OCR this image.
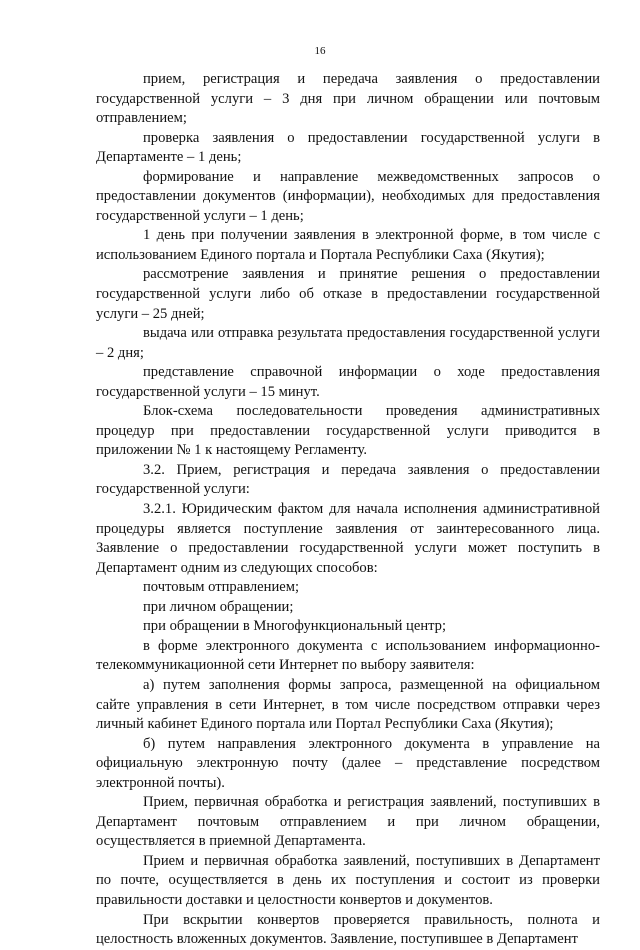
16

прием, регистрация и передача заявления о предоставлении государственной услуги – 3 дня при личном обращении или почтовым отправлением;

проверка заявления о предоставлении государственной услуги в Департаменте – 1 день;

формирование и направление межведомственных запросов о предоставлении документов (информации), необходимых для предоставления государственной услуги – 1 день;

1 день при получении заявления в электронной форме, в том числе с использованием Единого портала и Портала Республики Саха (Якутия);

рассмотрение заявления и принятие решения о предоставлении государственной услуги либо об отказе в предоставлении государственной услуги – 25 дней;

выдача или отправка результата предоставления государственной услуги – 2 дня;

представление справочной информации о ходе предоставления государственной услуги – 15 минут.

Блок-схема последовательности проведения административных процедур при предоставлении государственной услуги приводится в приложении № 1 к настоящему Регламенту.

3.2. Прием, регистрация и передача заявления о предоставлении государственной услуги:

3.2.1. Юридическим фактом для начала исполнения административной процедуры является поступление заявления от заинтересованного лица. Заявление о предоставлении государственной услуги может поступить в Департамент одним из следующих способов:

почтовым отправлением;

при личном обращении;

при обращении в Многофункциональный центр;

в форме электронного документа с использованием информационно-телекоммуникационной сети Интернет по выбору заявителя:

а) путем заполнения формы запроса, размещенной на официальном сайте управления в сети Интернет, в том числе посредством отправки через личный кабинет Единого портала или Портал Республики Саха (Якутия);

б) путем направления электронного документа в управление на официальную электронную почту (далее – представление посредством электронной почты).

Прием, первичная обработка и регистрация заявлений, поступивших в Департамент почтовым отправлением и при личном обращении, осуществляется в приемной Департамента.

Прием и первичная обработка заявлений, поступивших в Департамент по почте, осуществляется в день их поступления и состоит из проверки правильности доставки и целостности конвертов и документов.

При вскрытии конвертов проверяется правильность, полнота и целостность вложенных документов. Заявление, поступившее в Департамент
